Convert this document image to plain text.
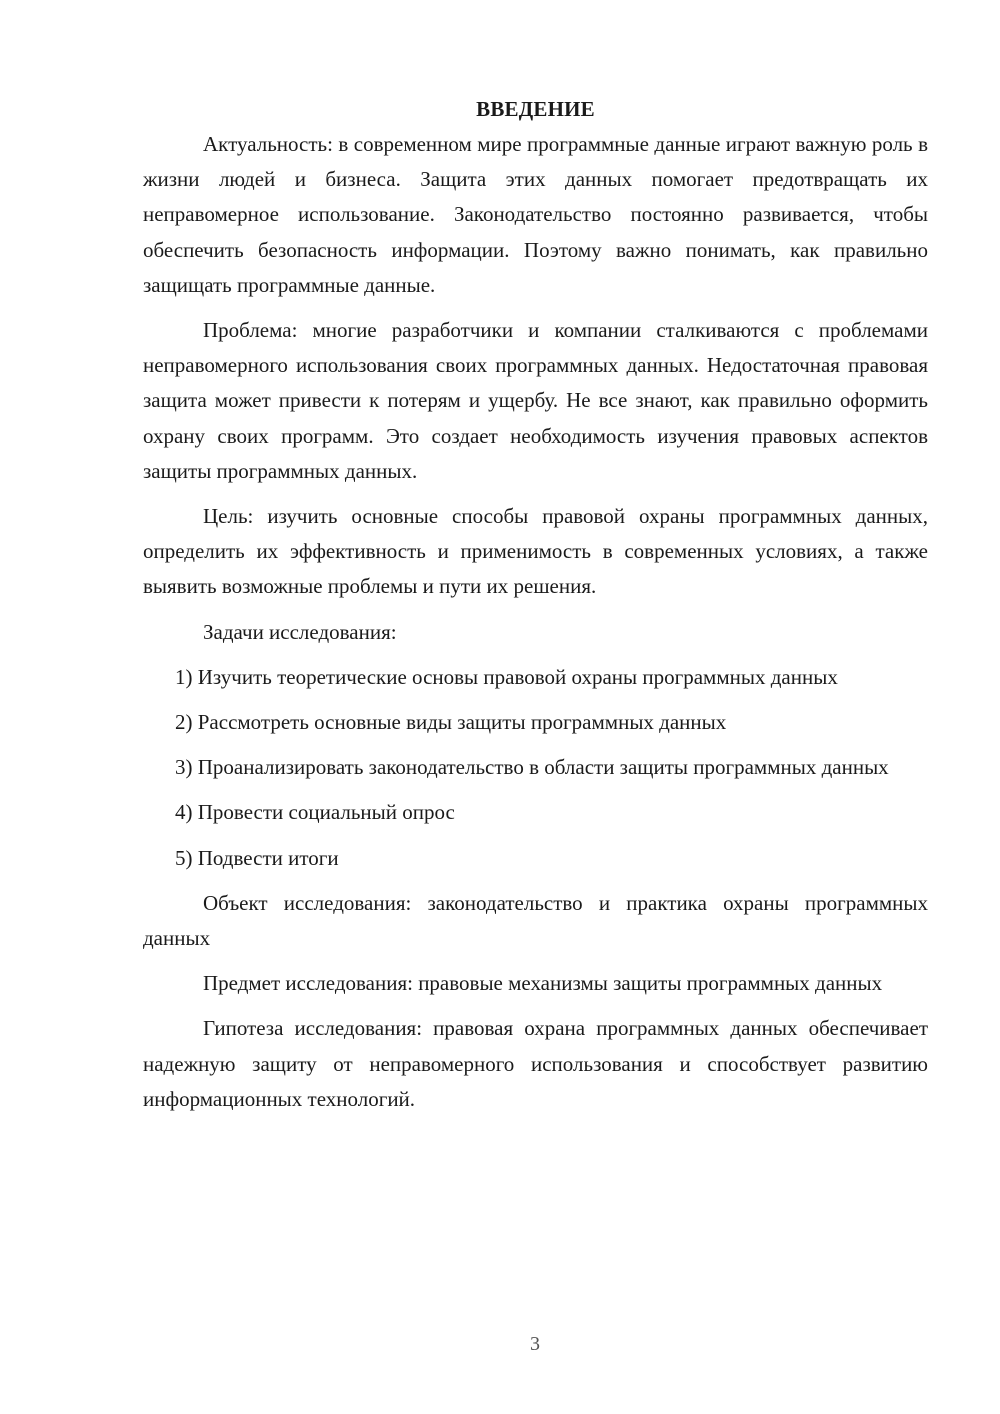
ВВЕДЕНИЕ

Актуальность: в современном мире программные данные играют важную роль в жизни людей и бизнеса. Защита этих данных помогает предотвращать их неправомерное использование. Законодательство постоянно развивается, чтобы обеспечить безопасность информации. Поэтому важно понимать, как правильно защищать программные данные.

Проблема: многие разработчики и компании сталкиваются с проблемами неправомерного использования своих программных данных. Недостаточная правовая защита может привести к потерям и ущербу. Не все знают, как правильно оформить охрану своих программ. Это создает необходимость изучения правовых аспектов защиты программных данных.

Цель: изучить основные способы правовой охраны программных данных, определить их эффективность и применимость в современных условиях, а также выявить возможные проблемы и пути их решения.

Задачи исследования:

1) Изучить теоретические основы правовой охраны программных данных

2) Рассмотреть основные виды защиты программных данных

3) Проанализировать законодательство в области защиты программных данных

4) Провести социальный опрос

5) Подвести итоги

Объект исследования: законодательство и практика охраны программных данных

Предмет исследования: правовые механизмы защиты программных данных

Гипотеза исследования: правовая охрана программных данных обеспечивает надежную защиту от неправомерного использования и способствует развитию информационных технологий.

3
